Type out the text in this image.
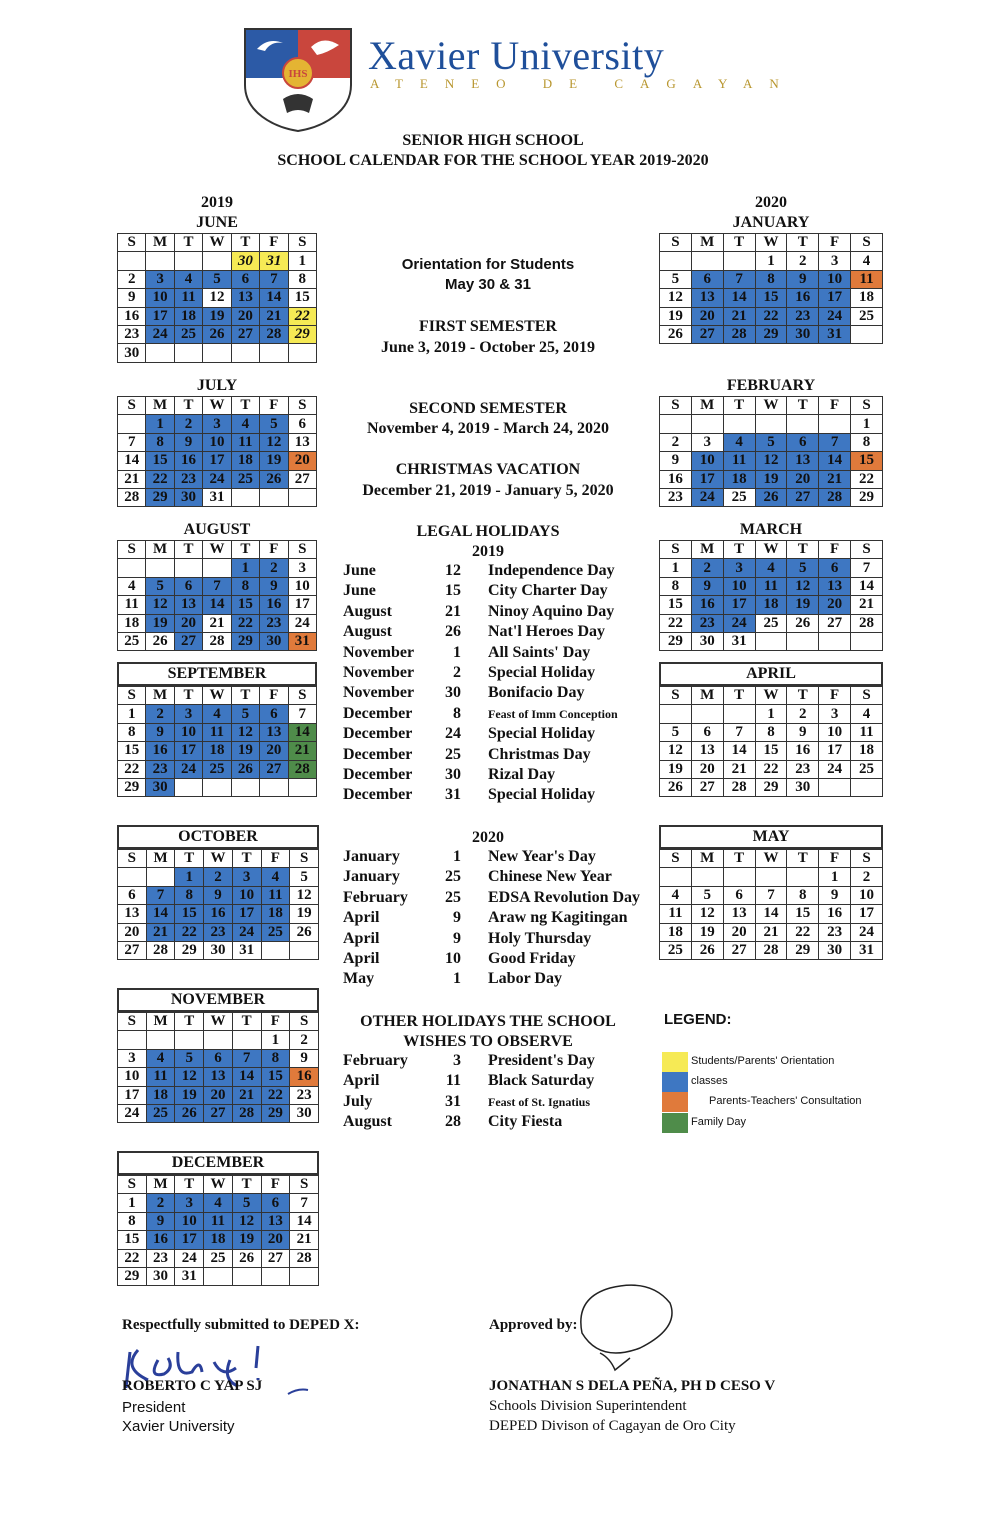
IHS Xavier University
ATENEO DE CAGAYAN
SENIOR HIGH SCHOOL
SCHOOL CALENDAR FOR THE SCHOOL YEAR 2019-2020
2019	2020
JUNE
S	M	T	W	T	F	S
				30	31	1
2	3	4	5	6	7	8
9	10	11	12	13	14	15
16	17	18	19	20	21	22
23	24	25	26	27	28	29
30						
JULY
S	M	T	W	T	F	S
	1	2	3	4	5	6
7	8	9	10	11	12	13
14	15	16	17	18	19	20
21	22	23	24	25	26	27
28	29	30	31			
AUGUST
S	M	T	W	T	F	S
				1	2	3
4	5	6	7	8	9	10
11	12	13	14	15	16	17
18	19	20	21	22	23	24
25	26	27	28	29	30	31
SEPTEMBER
S	M	T	W	T	F	S
1	2	3	4	5	6	7
8	9	10	11	12	13	14
15	16	17	18	19	20	21
22	23	24	25	26	27	28
29	30					
OCTOBER
S	M	T	W	T	F	S
		1	2	3	4	5
6	7	8	9	10	11	12
13	14	15	16	17	18	19
20	21	22	23	24	25	26
27	28	29	30	31		
NOVEMBER
S	M	T	W	T	F	S
					1	2
3	4	5	6	7	8	9
10	11	12	13	14	15	16
17	18	19	20	21	22	23
24	25	26	27	28	29	30
DECEMBER
S	M	T	W	T	F	S
1	2	3	4	5	6	7
8	9	10	11	12	13	14
15	16	17	18	19	20	21
22	23	24	25	26	27	28
29	30	31				
JANUARY
S	M	T	W	T	F	S
			1	2	3	4
5	6	7	8	9	10	11
12	13	14	15	16	17	18
19	20	21	22	23	24	25
26	27	28	29	30	31	
FEBRUARY
S	M	T	W	T	F	S
						1
2	3	4	5	6	7	8
9	10	11	12	13	14	15
16	17	18	19	20	21	22
23	24	25	26	27	28	29
MARCH
S	M	T	W	T	F	S
1	2	3	4	5	6	7
8	9	10	11	12	13	14
15	16	17	18	19	20	21
22	23	24	25	26	27	28
29	30	31				
APRIL
S	M	T	W	T	F	S
			1	2	3	4
5	6	7	8	9	10	11
12	13	14	15	16	17	18
19	20	21	22	23	24	25
26	27	28	29	30		
MAY
S	M	T	W	T	F	S
					1	2
4	5	6	7	8	9	10
11	12	13	14	15	16	17
18	19	20	21	22	23	24
25	26	27	28	29	30	31
Orientation for Students
May 30 & 31
FIRST SEMESTER
June 3, 2019 - October 25, 2019
SECOND SEMESTER
November 4, 2019 - March 24, 2020
CHRISTMAS VACATION
December 21, 2019 - January 5, 2020
LEGAL HOLIDAYS
2019
June	12 Independence Day
June	15 City Charter Day
August	21 Ninoy Aquino Day
August	26 Nat'l Heroes Day
November	1 All Saints' Day
November	2 Special Holiday
November	30 Bonifacio Day
December	8 Feast of Imm Conception
December	24 Special Holiday
December	25 Christmas Day
December	30 Rizal Day
December	31 Special Holiday
2020
January	1 New Year's Day
January	25 Chinese New Year
February	25 EDSA Revolution Day
April	9 Araw ng Kagitingan
April	9 Holy Thursday
April	10 Good Friday
May	1 Labor Day
OTHER HOLIDAYS THE SCHOOL
WISHES TO OBSERVE
February	3 President's Day
April	11 Black Saturday
July	31 Feast of St. Ignatius
August	28 City Fiesta
LEGEND:
Students/Parents' Orientation
classes
Parents-Teachers' Consultation
Family Day
Respectfully submitted to DEPED X:
ROBERTO C YAP SJ
President
Xavier University
Approved by:
JONATHAN S DELA PEÑA, PH D CESO V
Schools Division Superintendent
DEPED Divison of Cagayan de Oro City
